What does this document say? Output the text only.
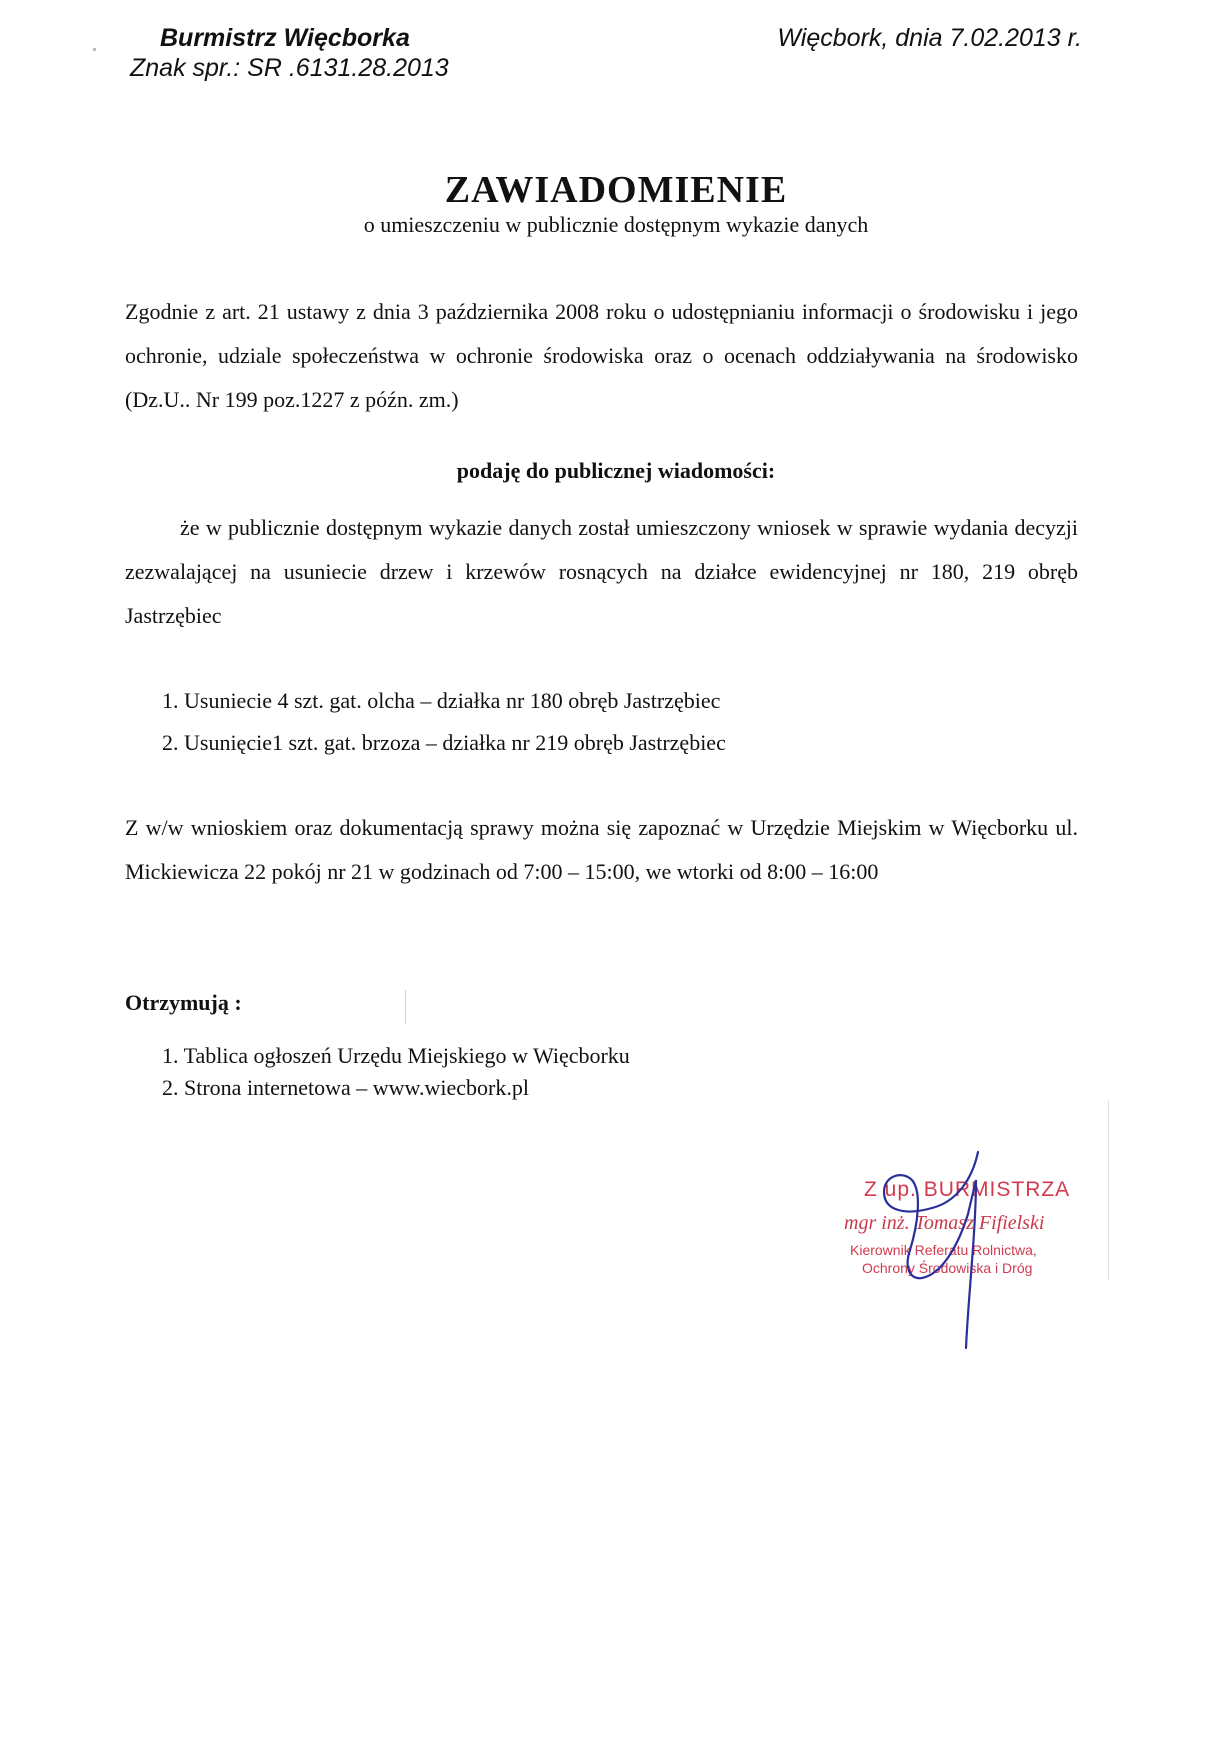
Burmistrz Więcborka
Znak spr.: SR .6131.28.2013
Więcbork, dnia 7.02.2013 r.
ZAWIADOMIENIE
o umieszczeniu w publicznie dostępnym wykazie danych
Zgodnie z art. 21 ustawy z dnia 3 października 2008 roku o udostępnianiu informacji o środowisku i jego ochronie, udziale społeczeństwa w ochronie środowiska oraz o ocenach oddziaływania na środowisko (Dz.U.. Nr 199 poz.1227 z późn. zm.)
podaję do publicznej wiadomości:
że w publicznie dostępnym wykazie danych został umieszczony wniosek w sprawie wydania decyzji zezwalającej na usuniecie drzew i krzewów rosnących na działce ewidencyjnej nr 180, 219 obręb Jastrzębiec
1. Usuniecie 4 szt. gat. olcha – działka nr 180 obręb Jastrzębiec
2. Usunięcie1 szt. gat. brzoza – działka nr 219 obręb Jastrzębiec
Z w/w wnioskiem oraz dokumentacją sprawy można się zapoznać w Urzędzie Miejskim w Więcborku ul. Mickiewicza 22 pokój nr 21 w godzinach od 7:00 – 15:00, we wtorki od 8:00 – 16:00
Otrzymują :
1. Tablica ogłoszeń Urzędu Miejskiego w Więcborku
2. Strona internetowa – www.wiecbork.pl
Z up. BURMISTRZA
mgr inż. Tomasz Fifielski
Kierownik Referatu Rolnictwa,
Ochrony Środowiska i Dróg
